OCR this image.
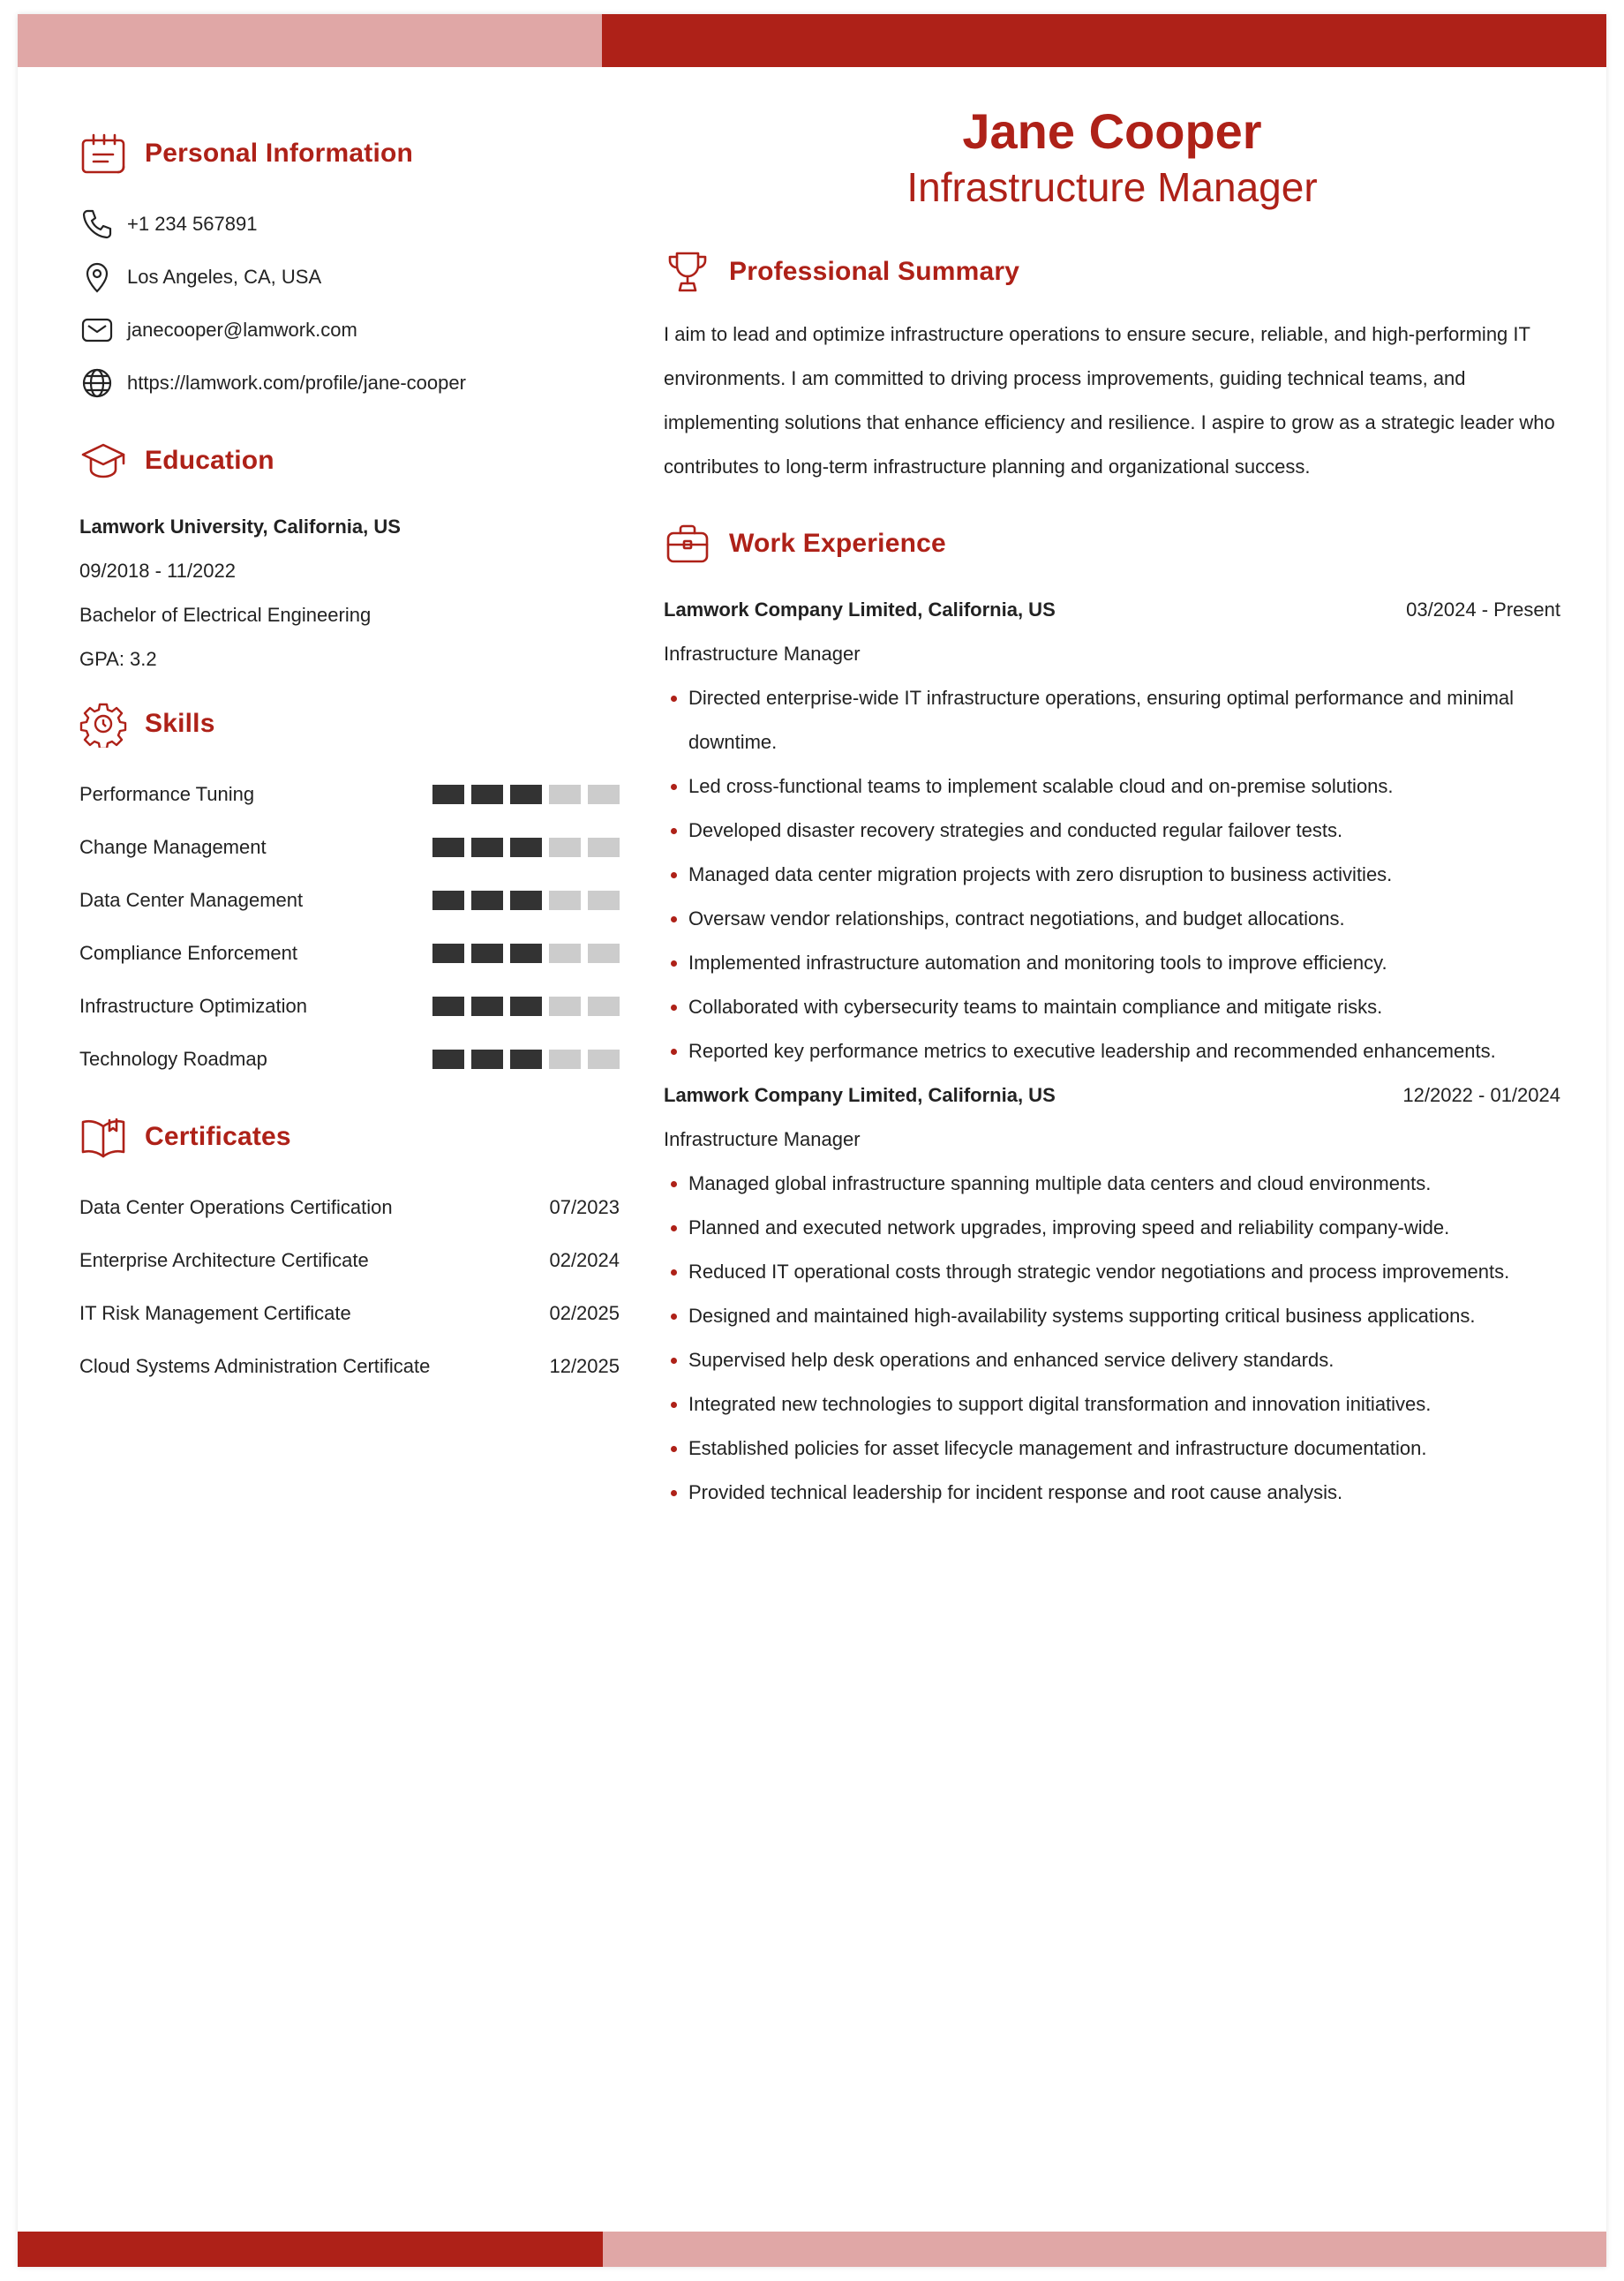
Personal Information
+1 234 567891
Los Angeles, CA, USA
janecooper@lamwork.com
https://lamwork.com/profile/jane-cooper
Education
Lamwork University, California, US
09/2018 - 11/2022
Bachelor of Electrical Engineering
GPA: 3.2
Skills
Performance Tuning
Change Management
Data Center Management
Compliance Enforcement
Infrastructure Optimization
Technology Roadmap
Certificates
Data Center Operations Certification	07/2023
Enterprise Architecture Certificate	02/2024
IT Risk Management Certificate	02/2025
Cloud Systems Administration Certificate	12/2025
Jane Cooper
Infrastructure Manager
Professional Summary
I aim to lead and optimize infrastructure operations to ensure secure, reliable, and high-performing IT
environments. I am committed to driving process improvements, guiding technical teams, and
implementing solutions that enhance efficiency and resilience. I aspire to grow as a strategic leader who
contributes to long-term infrastructure planning and organizational success.
Work Experience
Lamwork Company Limited, California, US	03/2024 - Present
Infrastructure Manager
Directed enterprise-wide IT infrastructure operations, ensuring optimal performance and minimal downtime.
Led cross-functional teams to implement scalable cloud and on-premise solutions.
Developed disaster recovery strategies and conducted regular failover tests.
Managed data center migration projects with zero disruption to business activities.
Oversaw vendor relationships, contract negotiations, and budget allocations.
Implemented infrastructure automation and monitoring tools to improve efficiency.
Collaborated with cybersecurity teams to maintain compliance and mitigate risks.
Reported key performance metrics to executive leadership and recommended enhancements.
Lamwork Company Limited, California, US	12/2022 - 01/2024
Infrastructure Manager
Managed global infrastructure spanning multiple data centers and cloud environments.
Planned and executed network upgrades, improving speed and reliability company-wide.
Reduced IT operational costs through strategic vendor negotiations and process improvements.
Designed and maintained high-availability systems supporting critical business applications.
Supervised help desk operations and enhanced service delivery standards.
Integrated new technologies to support digital transformation and innovation initiatives.
Established policies for asset lifecycle management and infrastructure documentation.
Provided technical leadership for incident response and root cause analysis.
